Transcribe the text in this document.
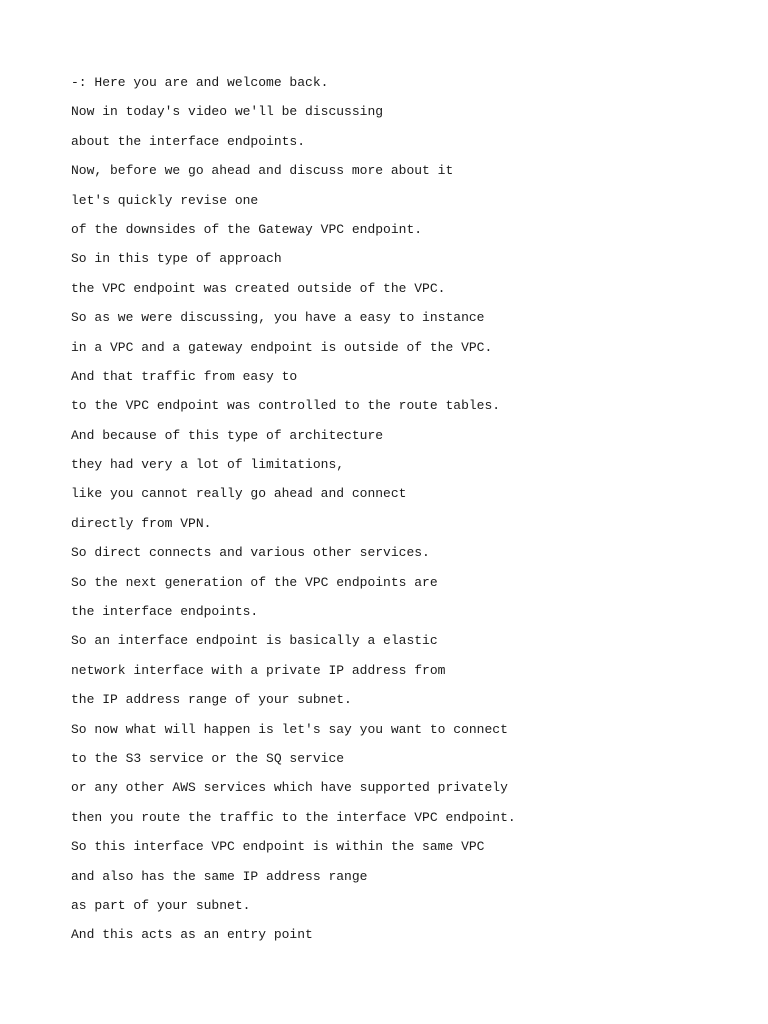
-: Here you are and welcome back.

Now in today's video we'll be discussing

about the interface endpoints.

Now, before we go ahead and discuss more about it

let's quickly revise one

of the downsides of the Gateway VPC endpoint.

So in this type of approach

the VPC endpoint was created outside of the VPC.

So as we were discussing, you have a easy to instance

in a VPC and a gateway endpoint is outside of the VPC.

And that traffic from easy to

to the VPC endpoint was controlled to the route tables.

And because of this type of architecture

they had very a lot of limitations,

like you cannot really go ahead and connect

directly from VPN.

So direct connects and various other services.

So the next generation of the VPC endpoints are

the interface endpoints.

So an interface endpoint is basically a elastic

network interface with a private IP address from

the IP address range of your subnet.

So now what will happen is let's say you want to connect

to the S3 service or the SQ service

or any other AWS services which have supported privately

then you route the traffic to the interface VPC endpoint.

So this interface VPC endpoint is within the same VPC

and also has the same IP address range

as part of your subnet.

And this acts as an entry point
